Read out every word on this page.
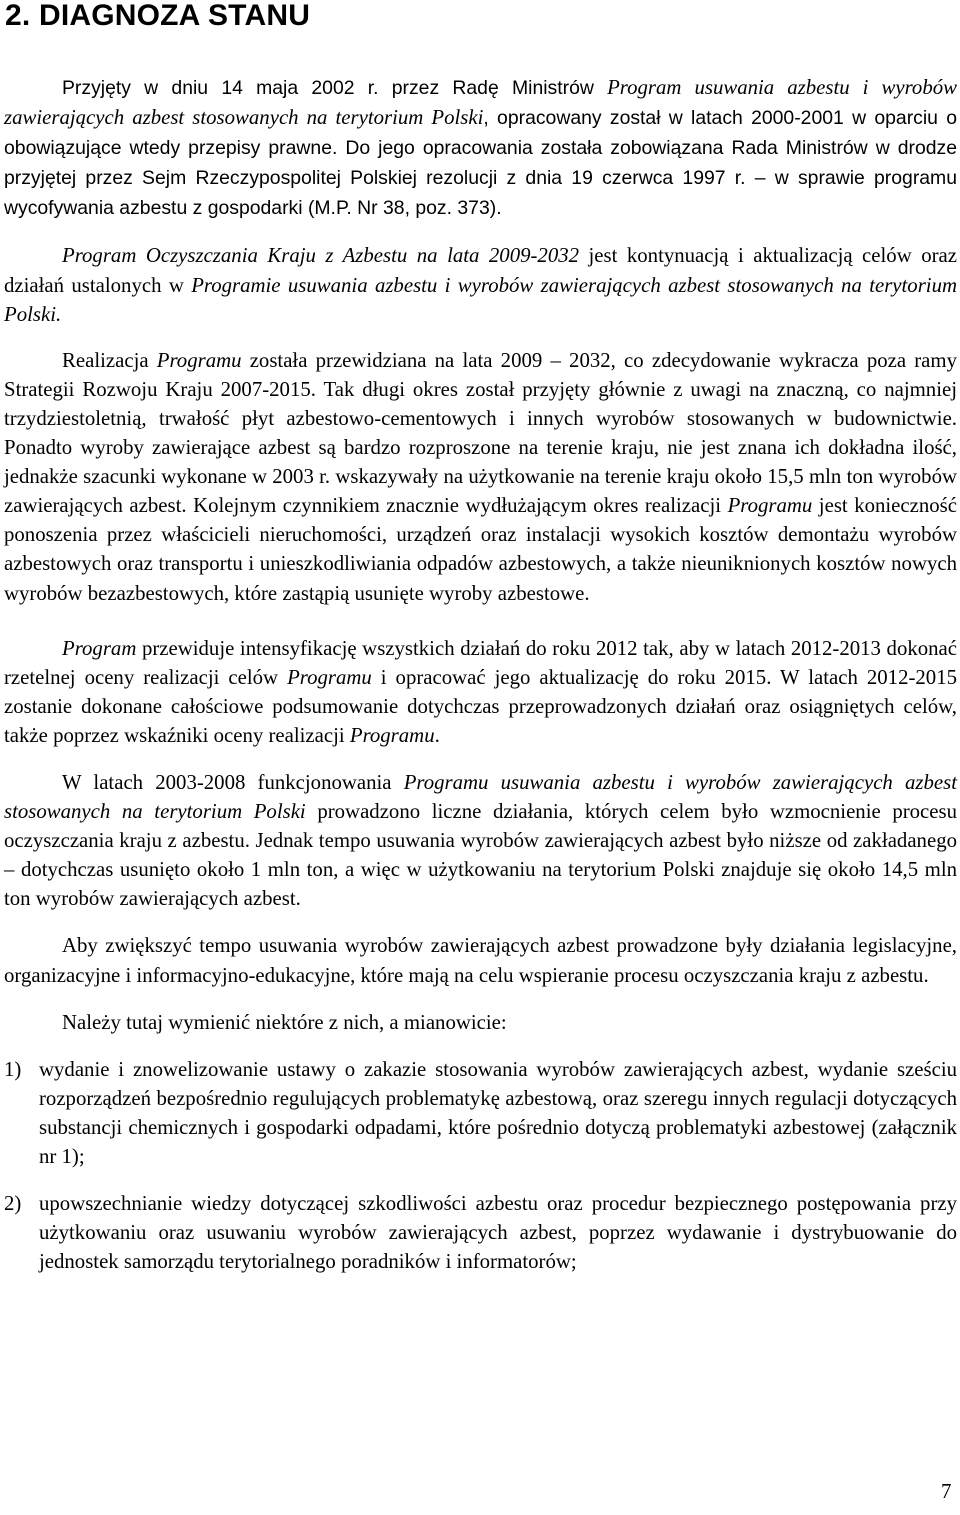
2. DIAGNOZA STANU

Przyjęty w dniu 14 maja 2002 r. przez Radę Ministrów Program usuwania azbestu i wyrobów zawierających azbest stosowanych na terytorium Polski, opracowany został w latach 2000-2001 w oparciu o obowiązujące wtedy przepisy prawne. Do jego opracowania została zobowiązana Rada Ministrów w drodze przyjętej przez Sejm Rzeczypospolitej Polskiej rezolucji z dnia 19 czerwca 1997 r. – w sprawie programu wycofywania azbestu z gospodarki (M.P. Nr 38, poz. 373).

Program Oczyszczania Kraju z Azbestu na lata 2009-2032 jest kontynuacją i aktualizacją celów oraz działań ustalonych w Programie usuwania azbestu i wyrobów zawierających azbest stosowanych na terytorium Polski.

Realizacja Programu została przewidziana na lata 2009 – 2032, co zdecydowanie wykracza poza ramy Strategii Rozwoju Kraju 2007-2015. Tak długi okres został przyjęty głównie z uwagi na znaczną, co najmniej trzydziestoletnią, trwałość płyt azbestowo-cementowych i innych wyrobów stosowanych w budownictwie. Ponadto wyroby zawierające azbest są bardzo rozproszone na terenie kraju, nie jest znana ich dokładna ilość, jednakże szacunki wykonane w 2003 r. wskazywały na użytkowanie na terenie kraju około 15,5 mln ton wyrobów zawierających azbest. Kolejnym czynnikiem znacznie wydłużającym okres realizacji Programu jest konieczność ponoszenia przez właścicieli nieruchomości, urządzeń oraz instalacji wysokich kosztów demontażu wyrobów azbestowych oraz transportu i unieszkodliwiania odpadów azbestowych, a także nieuniknionych kosztów nowych wyrobów bezazbestowych, które zastąpią usunięte wyroby azbestowe.

Program przewiduje intensyfikację wszystkich działań do roku 2012 tak, aby w latach 2012-2013 dokonać rzetelnej oceny realizacji celów Programu i opracować jego aktualizację do roku 2015. W latach 2012-2015 zostanie dokonane całościowe podsumowanie dotychczas przeprowadzonych działań oraz osiągniętych celów, także poprzez wskaźniki oceny realizacji Programu.

W latach 2003-2008 funkcjonowania Programu usuwania azbestu i wyrobów zawierających azbest stosowanych na terytorium Polski prowadzono liczne działania, których celem było wzmocnienie procesu oczyszczania kraju z azbestu. Jednak tempo usuwania wyrobów zawierających azbest było niższe od zakładanego – dotychczas usunięto około 1 mln ton, a więc w użytkowaniu na terytorium Polski znajduje się około 14,5 mln ton wyrobów zawierających azbest.

Aby zwiększyć tempo usuwania wyrobów zawierających azbest prowadzone były działania legislacyjne, organizacyjne i informacyjno-edukacyjne, które mają na celu wspieranie procesu oczyszczania kraju z azbestu.

Należy tutaj wymienić niektóre z nich, a mianowicie:

1) wydanie i znowelizowanie ustawy o zakazie stosowania wyrobów zawierających azbest, wydanie sześciu rozporządzeń bezpośrednio regulujących problematykę azbestową, oraz szeregu innych regulacji dotyczących substancji chemicznych i gospodarki odpadami, które pośrednio dotyczą problematyki azbestowej (załącznik nr 1);
2) upowszechnianie wiedzy dotyczącej szkodliwości azbestu oraz procedur bezpiecznego postępowania przy użytkowaniu oraz usuwaniu wyrobów zawierających azbest, poprzez wydawanie i dystrybuowanie do jednostek samorządu terytorialnego poradników i informatorów;
7
